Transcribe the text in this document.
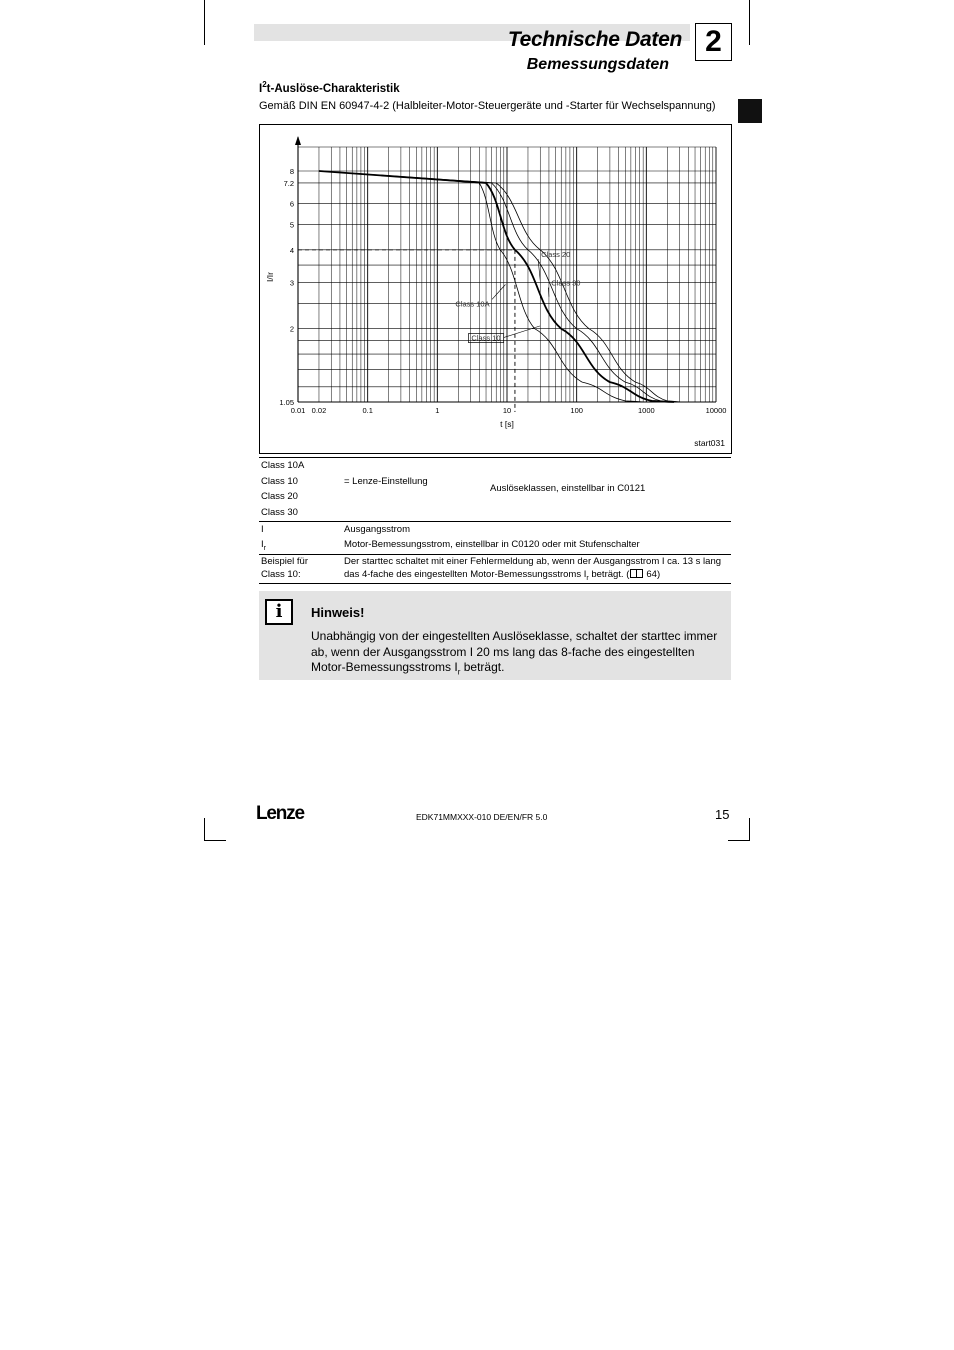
Technische Daten
Bemessungsdaten
2
$I^2t-Auslöse$-Charakteristik
Gemäß DIN EN 60947-4-2 (Halbleiter-Motor-Steuergeräte und -Starter für Wechselspannung)
0.01 0.02	0.1	1	10	100	1000	10000
1.05
2
3
4
5
6
7.2
8
t [s]
I/Ir
Class 20
Class 30
Class 10A
Class 10
start031
Class 10A
Class 10
Class 20
Class 30
= Lenze-Einstellung
Auslöseklassen, einstellbar in C0121
I	Ausgangsstrom
$I_r$	Motor-Bemessungsstrom, einstellbar in C0120 oder mit Stufenschalter
Beispiel für
Class 10:
Der starttec schaltet mit einer Fehlermeldung ab, wenn der Ausgangsstrom I ca. 13 s lang
das 4-fache des eingestellten Motor-Bemessungsstroms $I_r$ beträgt. ( 64)
i	Hinweis!
Unabhängig von der eingestellten Auslöseklasse, schaltet der starttec immer ab, wenn der Ausgangsstrom I 20 ms lang das 8-fache des eingestellten Motor-Bemessungsstroms $I_r$ beträgt.
Lenze	EDK71MMXXX-010 DE/EN/FR 5.0	15
